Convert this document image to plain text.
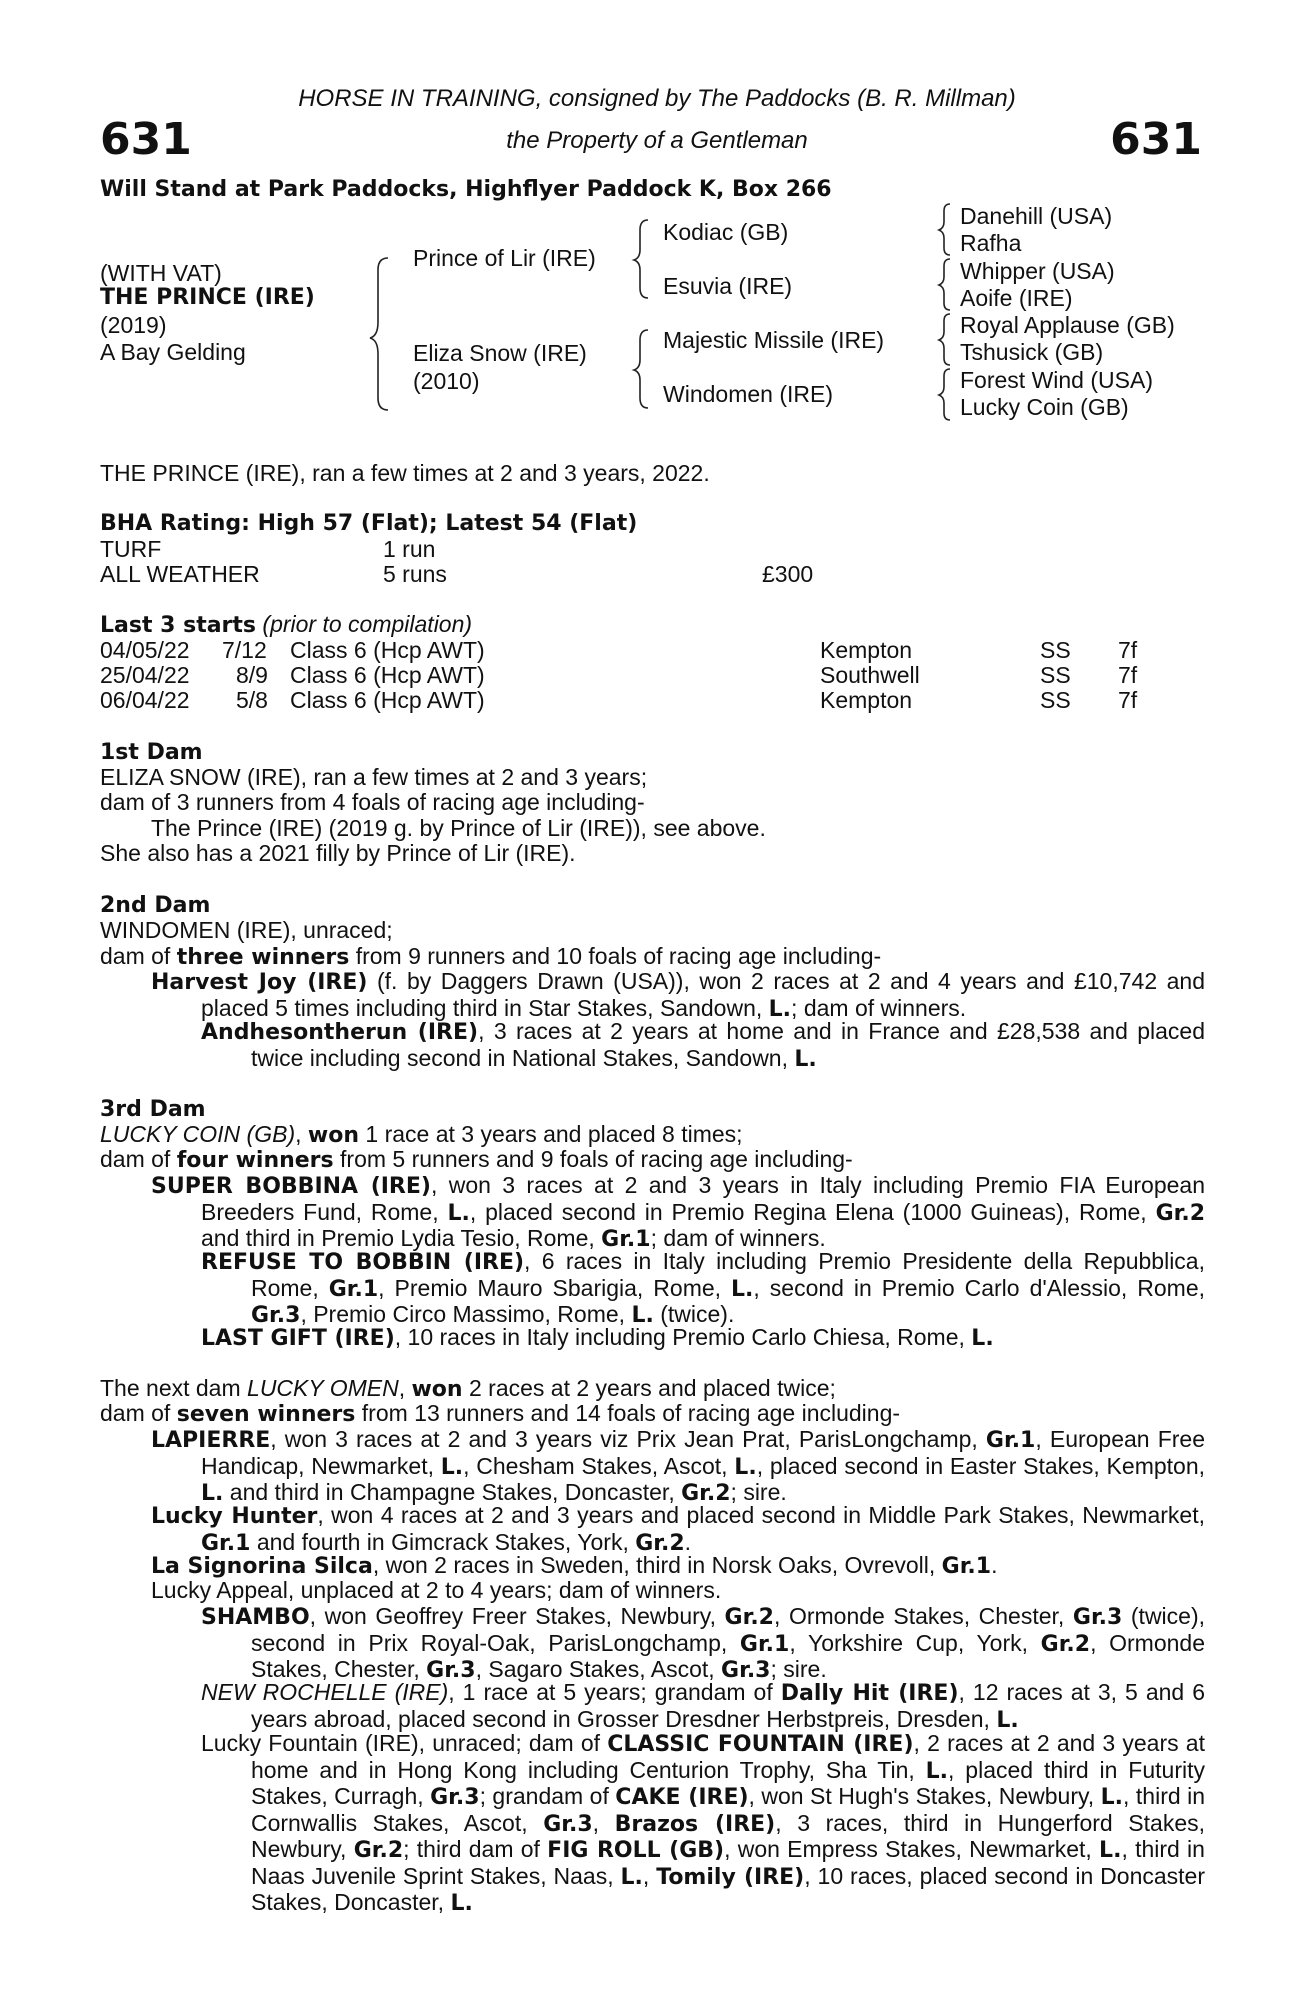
631	631
HORSE IN TRAINING, consigned by The Paddocks (B. R. Millman)
the Property of a Gentleman
Will Stand at Park Paddocks, Highflyer Paddock K, Box 266
(WITH VAT)
THE PRINCE (IRE)
(2019)
A Bay Gelding
Prince of Lir (IRE)
Eliza Snow (IRE)
(2010)
Kodiac (GB)
Esuvia (IRE)
Majestic Missile (IRE)
Windomen (IRE)
Danehill (USA)
Rafha
Whipper (USA)
Aoife (IRE)
Royal Applause (GB)
Tshusick (GB)
Forest Wind (USA)
Lucky Coin (GB)
THE PRINCE (IRE), ran a few times at 2 and 3 years, 2022.
BHA Rating: High 57 (Flat); Latest 54 (Flat)
TURF	1 run
ALL WEATHER	5 runs	£300
Last 3 starts (prior to compilation)
04/05/22 7/12 Class 6 (Hcp AWT)	Kempton	SS 7f
25/04/22 8/9 Class 6 (Hcp AWT)	Southwell	SS 7f
06/04/22 5/8 Class 6 (Hcp AWT)	Kempton	SS 7f
1st Dam
ELIZA SNOW (IRE), ran a few times at 2 and 3 years;
dam of 3 runners from 4 foals of racing age including-
The Prince (IRE) (2019 g. by Prince of Lir (IRE)), see above.
She also has a 2021 filly by Prince of Lir (IRE).
2nd Dam
WINDOMEN (IRE), unraced;
dam of three winners from 9 runners and 10 foals of racing age including-

Harvest Joy (IRE) (f. by Daggers Drawn (USA)), won 2 races at 2 and 4 years and £10,742 and placed 5 times including third in Star Stakes, Sandown, L.; dam of winners.

Andhesontherun (IRE), 3 races at 2 years at home and in France and £28,538 and placed twice including second in National Stakes, Sandown, L.

3rd Dam
LUCKY COIN (GB), won 1 race at 3 years and placed 8 times;
dam of four winners from 5 runners and 9 foals of racing age including-

SUPER BOBBINA (IRE), won 3 races at 2 and 3 years in Italy including Premio FIA European Breeders Fund, Rome, L., placed second in Premio Regina Elena (1000 Guineas), Rome, Gr.2 and third in Premio Lydia Tesio, Rome, Gr.1; dam of winners.

REFUSE TO BOBBIN (IRE), 6 races in Italy including Premio Presidente della Repubblica, Rome, Gr.1, Premio Mauro Sbarigia, Rome, L., second in Premio Carlo d'Alessio, Rome, Gr.3, Premio Circo Massimo, Rome, L. (twice).

LAST GIFT (IRE), 10 races in Italy including Premio Carlo Chiesa, Rome, L.

The next dam LUCKY OMEN, won 2 races at 2 years and placed twice;
dam of seven winners from 13 runners and 14 foals of racing age including-

LAPIERRE, won 3 races at 2 and 3 years viz Prix Jean Prat, ParisLongchamp, Gr.1, European Free Handicap, Newmarket, L., Chesham Stakes, Ascot, L., placed second in Easter Stakes, Kempton, L. and third in Champagne Stakes, Doncaster, Gr.2; sire.

Lucky Hunter, won 4 races at 2 and 3 years and placed second in Middle Park Stakes, Newmarket, Gr.1 and fourth in Gimcrack Stakes, York, Gr.2.

La Signorina Silca, won 2 races in Sweden, third in Norsk Oaks, Ovrevoll, Gr.1.
Lucky Appeal, unplaced at 2 to 4 years; dam of winners.

SHAMBO, won Geoffrey Freer Stakes, Newbury, Gr.2, Ormonde Stakes, Chester, Gr.3 (twice), second in Prix Royal-Oak, ParisLongchamp, Gr.1, Yorkshire Cup, York, Gr.2, Ormonde Stakes, Chester, Gr.3, Sagaro Stakes, Ascot, Gr.3; sire.

NEW ROCHELLE (IRE), 1 race at 5 years; grandam of Dally Hit (IRE), 12 races at 3, 5 and 6 years abroad, placed second in Grosser Dresdner Herbstpreis, Dresden, L.

Lucky Fountain (IRE), unraced; dam of CLASSIC FOUNTAIN (IRE), 2 races at 2 and 3 years at home and in Hong Kong including Centurion Trophy, Sha Tin, L., placed third in Futurity Stakes, Curragh, Gr.3; grandam of CAKE (IRE), won St Hugh's Stakes, Newbury, L., third in Cornwallis Stakes, Ascot, Gr.3, Brazos (IRE), 3 races, third in Hungerford Stakes, Newbury, Gr.2; third dam of FIG ROLL (GB), won Empress Stakes, Newmarket, L., third in Naas Juvenile Sprint Stakes, Naas, L., Tomily (IRE), 10 races, placed second in Doncaster Stakes, Doncaster, L.
